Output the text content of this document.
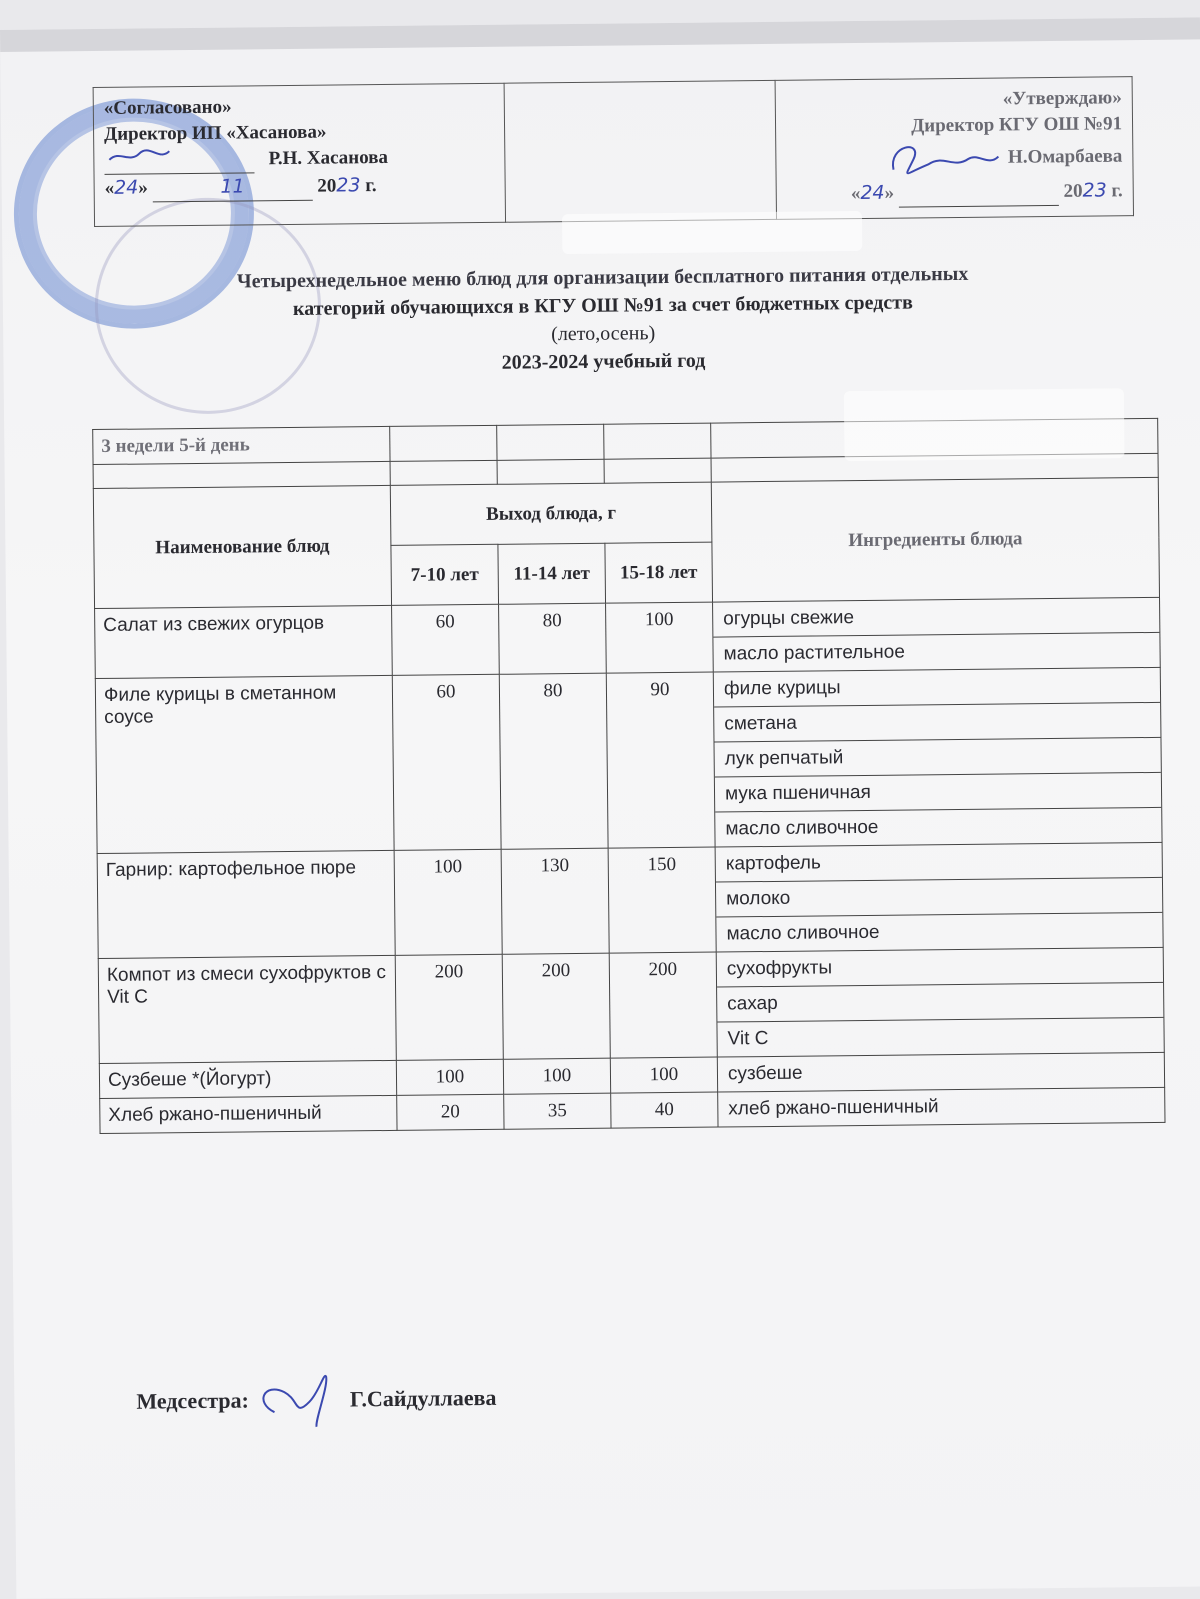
«Согласовано»
Директор ИП «Хасанова»
Р.Н. Хасанова
«24»	11	2023 г.

«Утверждаю»
Директор КГУ ОШ №91
Н.Омарбаева
«24»	2023 г.
Четырехнедельное меню блюд для организации бесплатного питания отдельных
категорий обучающихся в КГУ ОШ №91 за счет бюджетных средств
(лето,осень)
2023-2024 учебный год
3 недели 5-й день				

Наименование блюд	Выход блюда, г			Ингредиенты блюда
	7-10 лет	11-14 лет	15-18 лет	
Салат из свежих огурцов	60	80	100	огурцы свежие
масло растительное

Филе курицы в сметанном соусе	60	80	90	филе курицы
сметана
лук репчатый
мука пшеничная
масло сливочное

Гарнир: картофельное пюре	100	130	150	картофель
молоко
масло сливочное

Компот из смеси сухофруктов с Vit C	200	200	200	сухофрукты
сахар
Vit C

Сузбеше *(Йогурт)	100	100	100	сузбеше

Хлеб ржано-пшеничный	20	35	40	хлеб ржано-пшеничный
Медсестра:	Г.Сайдуллаева
